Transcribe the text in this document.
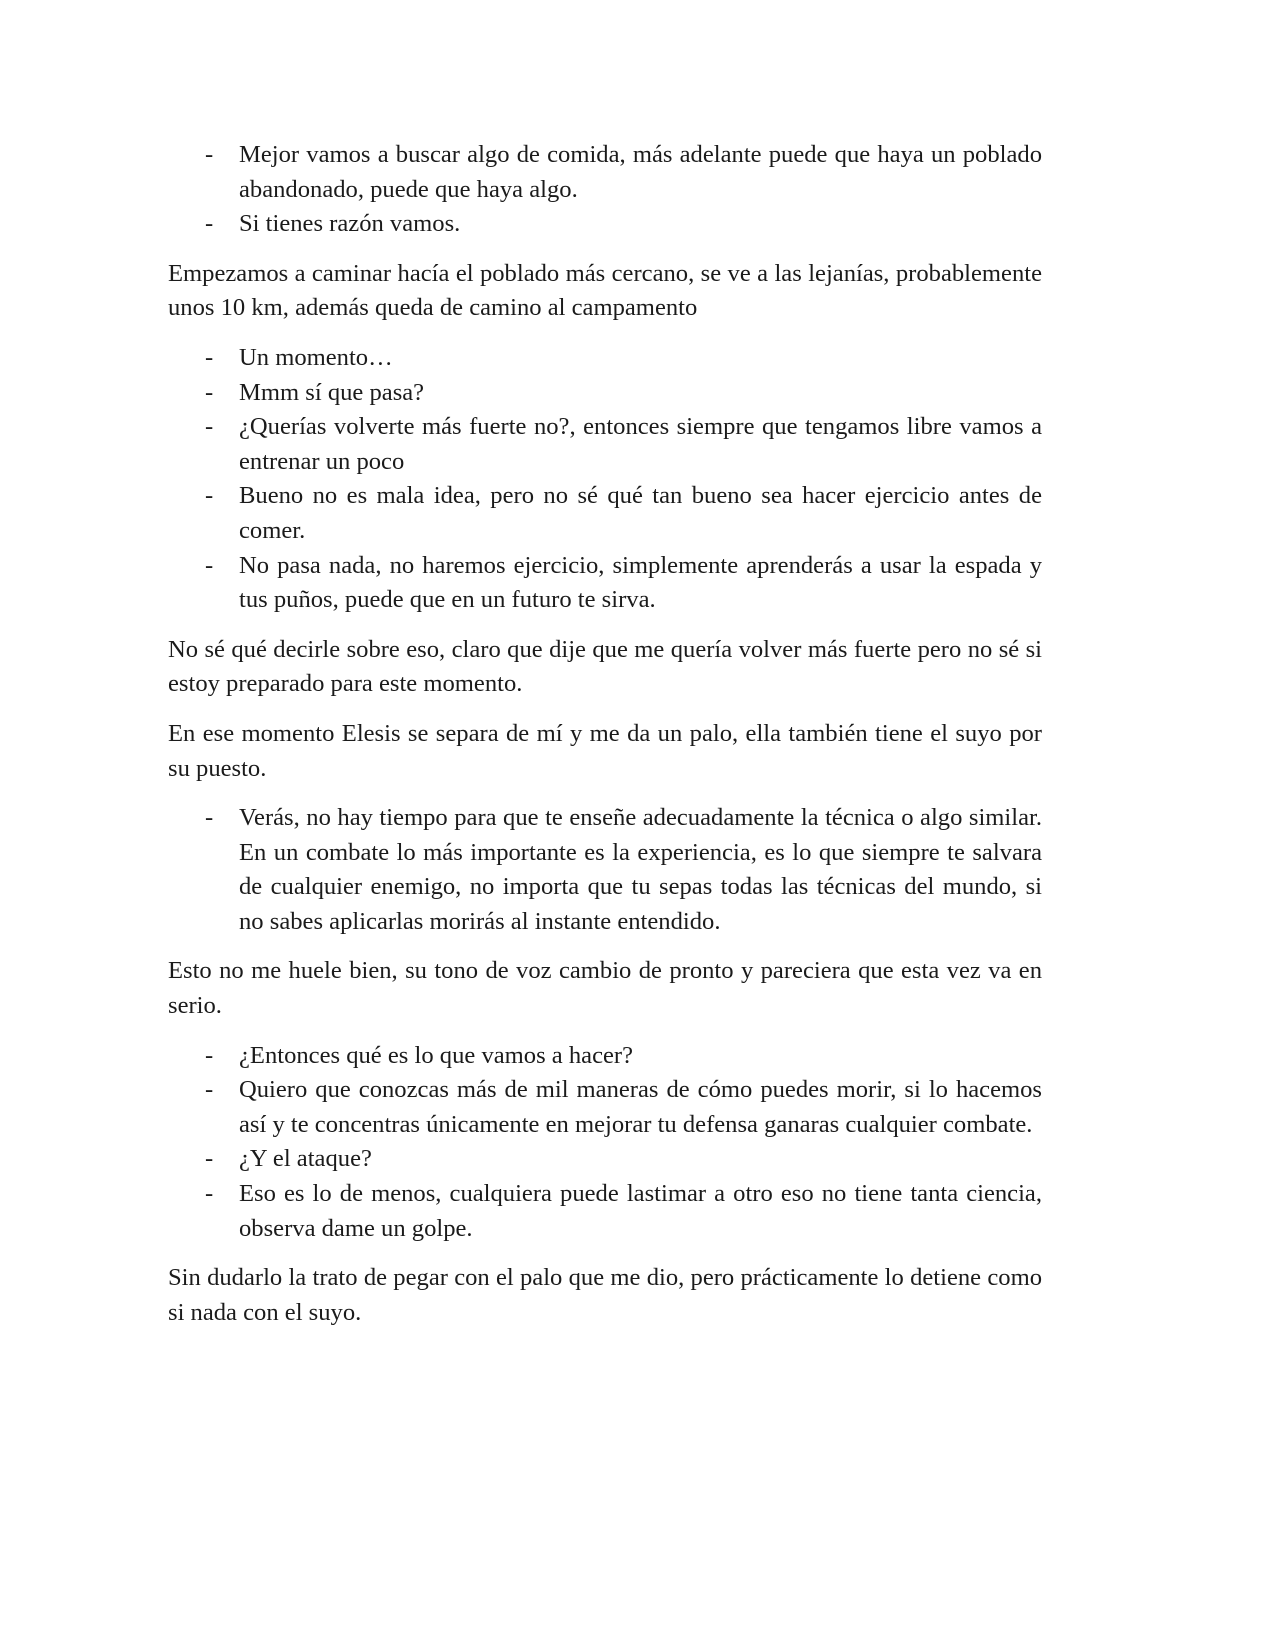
- Mejor vamos a buscar algo de comida, más adelante puede que haya un poblado abandonado, puede que haya algo.
- Si tienes razón vamos.

Empezamos a caminar hacía el poblado más cercano, se ve a las lejanías, probablemente unos 10 km, además queda de camino al campamento

- Un momento…
- Mmm sí que pasa?
- ¿Querías volverte más fuerte no?, entonces siempre que tengamos libre vamos a entrenar un poco
- Bueno no es mala idea, pero no sé qué tan bueno sea hacer ejercicio antes de comer.
- No pasa nada, no haremos ejercicio, simplemente aprenderás a usar la espada y tus puños, puede que en un futuro te sirva.

No sé qué decirle sobre eso, claro que dije que me quería volver más fuerte pero no sé si estoy preparado para este momento.

En ese momento Elesis se separa de mí y me da un palo, ella también tiene el suyo por su puesto.

- Verás, no hay tiempo para que te enseñe adecuadamente la técnica o algo similar. En un combate lo más importante es la experiencia, es lo que siempre te salvara de cualquier enemigo, no importa que tu sepas todas las técnicas del mundo, si no sabes aplicarlas morirás al instante entendido.

Esto no me huele bien, su tono de voz cambio de pronto y pareciera que esta vez va en serio.

- ¿Entonces qué es lo que vamos a hacer?
- Quiero que conozcas más de mil maneras de cómo puedes morir, si lo hacemos así y te concentras únicamente en mejorar tu defensa ganaras cualquier combate.
- ¿Y el ataque?
- Eso es lo de menos, cualquiera puede lastimar a otro eso no tiene tanta ciencia, observa dame un golpe.

Sin dudarlo la trato de pegar con el palo que me dio, pero prácticamente lo detiene como si nada con el suyo.
